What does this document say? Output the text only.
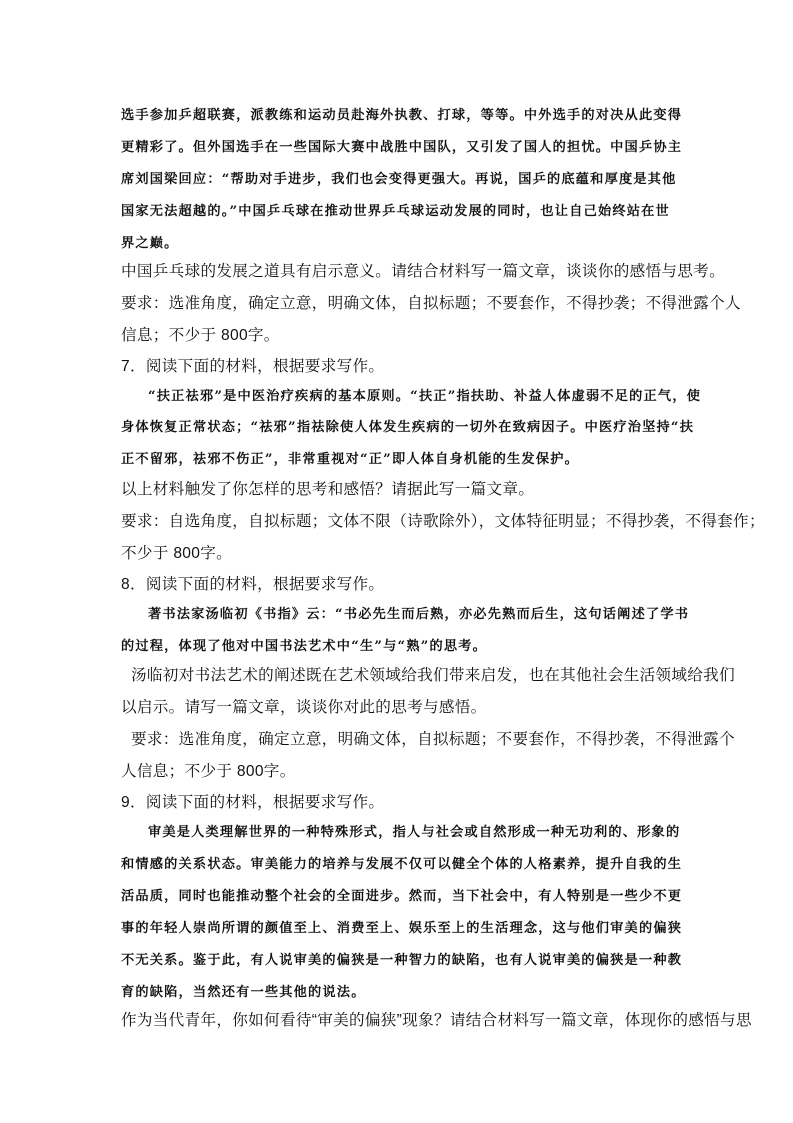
选手参加乒超联赛，派教练和运动员赴海外执教、打球，等等。中外选手的对决从此变得
更精彩了。但外国选手在一些国际大赛中战胜中国队，又引发了国人的担忧。中国乒协主
席刘国梁回应：“帮助对手进步，我们也会变得更强大。再说，国乒的底蕴和厚度是其他
国家无法超越的。”中国乒乓球在推动世界乒乓球运动发展的同时，也让自己始终站在世
界之巅。
中国乒乓球的发展之道具有启示意义。请结合材料写一篇文章，谈谈你的感悟与思考。
要求：选准角度，确定立意，明确文体，自拟标题；不要套作，不得抄袭；不得泄露个人
信息；不少于 800字。
7．阅读下面的材料，根据要求写作。
“扶正祛邪”是中医治疗疾病的基本原则。“扶正”指扶助、补益人体虚弱不足的正气，使
身体恢复正常状态；“祛邪”指祛除使人体发生疾病的一切外在致病因子。中医疗治坚持“扶
正不留邪，祛邪不伤正”，非常重视对“正”即人体自身机能的生发保护。
以上材料触发了你怎样的思考和感悟？请据此写一篇文章。
要求：自选角度，自拟标题；文体不限（诗歌除外），文体特征明显；不得抄袭，不得套作；
不少于 800字。
8．阅读下面的材料，根据要求写作。
著书法家汤临初《书指》云：“书必先生而后熟，亦必先熟而后生，这句话阐述了学书
的过程，体现了他对中国书法艺术中“生”与“熟”的思考。
汤临初对书法艺术的阐述既在艺术领域给我们带来启发，也在其他社会生活领域给我们
以启示。请写一篇文章，谈谈你对此的思考与感悟。
要求：选准角度，确定立意，明确文体，自拟标题；不要套作，不得抄袭，不得泄露个
人信息；不少于 800字。
9．阅读下面的材料，根据要求写作。
审美是人类理解世界的一种特殊形式，指人与社会或自然形成一种无功利的、形象的
和情感的关系状态。审美能力的培养与发展不仅可以健全个体的人格素养，提升自我的生
活品质，同时也能推动整个社会的全面进步。然而，当下社会中，有人特别是一些少不更
事的年轻人崇尚所谓的颜值至上、消费至上、娱乐至上的生活理念，这与他们审美的偏狭
不无关系。鉴于此，有人说审美的偏狭是一种智力的缺陷，也有人说审美的偏狭是一种教
育的缺陷，当然还有一些其他的说法。
作为当代青年，你如何看待“审美的偏狭”现象？请结合材料写一篇文章，体现你的感悟与思
